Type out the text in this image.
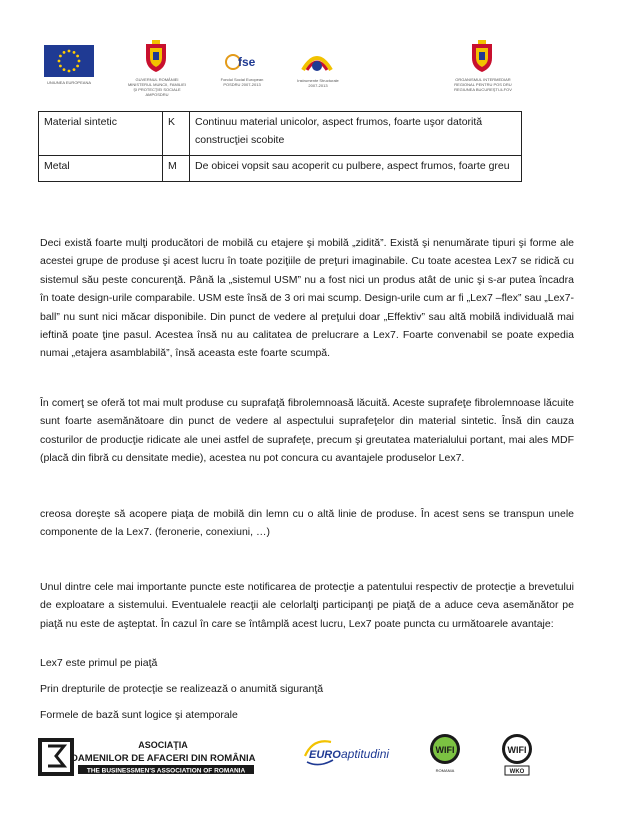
UNIUNEA EUROPEANA
GUVERNUL ROMÂNIEI
MINISTERUL MUNCII, FAMILIEI
ŞI PROTECŢIEI SOCIALE
AMPOSDRU
fse
Fondul Social European
POSDRU 2007-2013
Instrumente Structurale
2007-2013
ORGANISMUL INTERMEDIAR
REGIONAL PENTRU POS DRU
REGIUNEA BUCUREŞTI-ILFOV
Material sintetic	K	Continuu material unicolor, aspect frumos, foarte uşor datorită construcţiei scobite
Metal	M	De obicei vopsit sau acoperit cu pulbere, aspect frumos, foarte greu

Deci există foarte mulţi producători de mobilă cu etajere şi mobilă „zidită”. Există şi nenumărate tipuri şi forme ale acestei grupe de produse şi acest lucru în toate poziţiile de preţuri imaginabile. Cu toate acestea Lex7 se ridică cu sistemul său peste concurenţă. Până la „sistemul USM” nu a fost nici un produs atât de unic şi s-ar putea încadra în toate design-urile comparabile. USM este însă de 3 ori mai scump. Design-urile cum ar fi „Lex7 –flex” sau „Lex7-ball” nu sunt nici măcar disponibile. Din punct de vedere al preţului doar „Effektiv” sau altă mobilă individuală mai ieftină poate ţine pasul. Acestea însă nu au calitatea de prelucrare a Lex7. Foarte convenabil se poate expedia numai „etajera asamblabilă”, însă aceasta este foarte scumpă.

În comerţ se oferă tot mai mult produse cu suprafaţă fibrolemnoasă lăcuită. Aceste suprafeţe fibrolemnoase lăcuite sunt foarte asemănătoare din punct de vedere al aspectului suprafeţelor din material sintetic. Însă din cauza costurilor de producţie ridicate ale unei astfel de suprafeţe, precum şi greutatea materialului portant, mai ales MDF (placă din fibră cu densitate medie), acestea nu pot concura cu avantajele produselor Lex7.

creosa doreşte să acopere piaţa de mobilă din lemn cu o altă linie de produse. În acest sens se transpun unele componente de la Lex7. (feronerie, conexiuni, …)

Unul dintre cele mai importante puncte este notificarea de protecţie a patentului respectiv de protecţie a brevetului de exploatare a sistemului. Eventualele reacţii ale celorlalţi participanţi pe piaţă de a aduce ceva asemănător pe piaţă nu este de aşteptat. În cazul în care se întâmplă acest lucru, Lex7 poate puncta cu următoarele avantaje:

Lex7 este primul pe piaţă

Prin drepturile de protecţie se realizează o anumită siguranţă

Formele de bază sunt logice şi atemporale

ASOCIAŢIA
OAMENILOR DE AFACERI DIN ROMÂNIA
THE BUSINESSMEN'S ASSOCIATION OF ROMANIA
EURO aptitudini	WIFI
ROMANIA
WIFI
WKO
